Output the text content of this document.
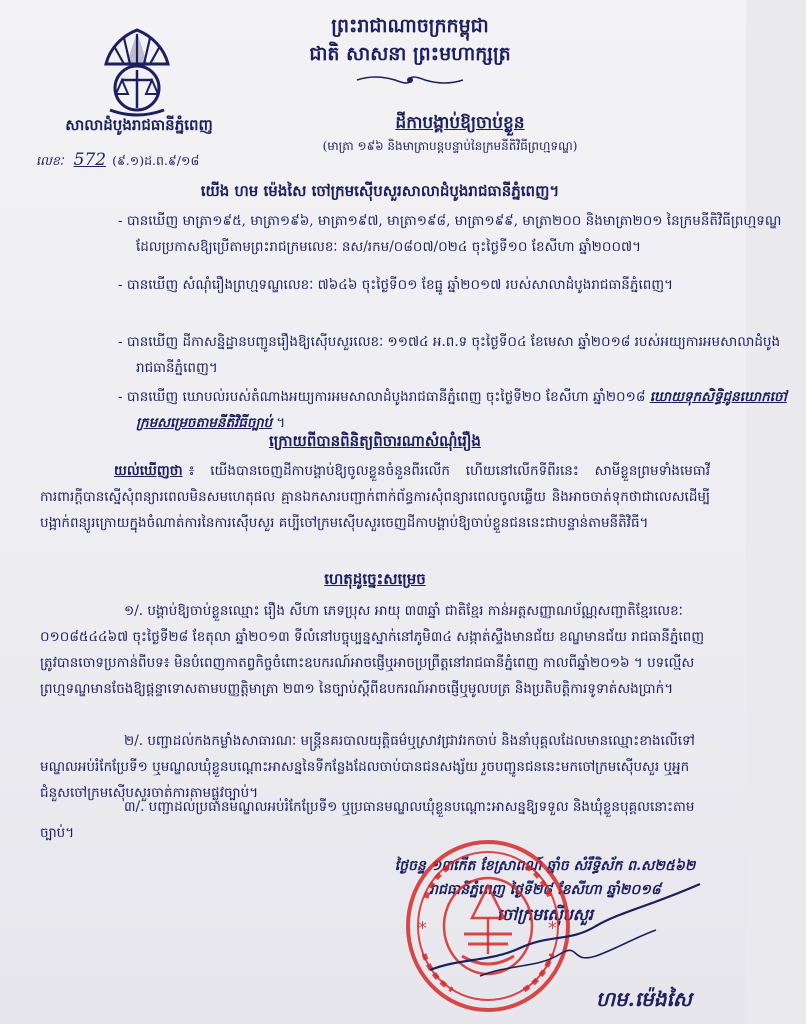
ព្រះរាជាណាចក្រកម្ពុជា
ជាតិ សាសនា ព្រះមហាក្សត្រ
សាលាដំបូងរាជធានីភ្នំពេញ	ដីកាបង្គាប់ឱ្យចាប់ខ្លួន
(មាត្រា ១៩៦ និងមាត្រាបន្តបន្ទាប់នៃក្រមនីតិវិធីព្រហ្មទណ្ឌ)
លេខៈ 572 (៩.១)ដ.ព.៩/១៨
យើង ហម ម៉េងសៃ ចៅក្រមស៊ើបសួរសាលាដំបូងរាជធានីភ្នំពេញ។
- បានឃើញ មាត្រា១៩៥, មាត្រា១៩៦, មាត្រា១៩៧, មាត្រា១៩៨, មាត្រា១៩៩, មាត្រា២០០ និងមាត្រា២០១ នៃក្រមនីតិវិធីព្រហ្មទណ្ឌដែលប្រកាសឱ្យប្រើតាមព្រះរាជក្រមលេខៈ នស/រកម/០៨០៧/០២៤ ចុះថ្ងៃទី១០ ខែសីហា ឆ្នាំ២០០៧។
- បានឃើញ សំណុំរឿងព្រហ្មទណ្ឌលេខៈ ៧៦៤៦ ចុះថ្ងៃទី០១ ខែធ្នូ ឆ្នាំ២០១៧ របស់សាលាដំបូងរាជធានីភ្នំពេញ។
- បានឃើញ ដីកាសន្និដ្ឋានបញ្ជូនរឿងឱ្យស៊ើបសួរលេខៈ ១១៧៤ អ.ព.ទ ចុះថ្ងៃទី០៤ ខែមេសា ឆ្នាំ២០១៨ របស់អយ្យការអមសាលាដំបូងរាជធានីភ្នំពេញ។
- បានឃើញ ឃោបល់របស់តំណាងអយ្យការអមសាលាដំបូងរាជធានីភ្នំពេញ ចុះថ្ងៃទី២០ ខែសីហា ឆ្នាំ២០១៨ ឃោយទុកសិទ្ធិជូនឃោកចៅក្រមសម្រេចតាមនីតិវិធីច្បាប់ ។
ក្រោយពីបានពិនិត្យពិចារណាសំណុំរឿង
យល់ឃើញថា ៖ យើងបានចេញដីកាបង្គាប់ឱ្យចូលខ្លួនចំនួនពីរលើក ហើយនៅលើកទីពីរនេះ សាមីខ្លួនព្រមទាំងមេធាវីការពារក្តីបានស្នើសុំពន្យារពេលមិនសមហេតុផល គ្មានឯកសារបញ្ជាក់ពាក់ព័ន្ធការសុំពន្យារពេលចូលឆ្លើយ និងអាចចាត់ទុកថាជាលេសដើម្បីបង្អាក់ពន្យូរក្រោយក្នុងចំណាត់ការនៃការស៊ើបសួរ គប្បីចៅក្រមស៊ើបសួរចេញដីកាបង្គាប់ឱ្យចាប់ខ្លួនជននេះជាបន្ទាន់តាមនីតិវិធី។
ហេតុដូច្នេះសម្រេច
១/. បង្គាប់ឱ្យចាប់ខ្លួនឈ្មោះ រឿង សីហា ភេទប្រុស អាយុ ៣៣ឆ្នាំ ជាតិខ្មែរ កាន់អត្តសញ្ញាណប័ណ្ណសញ្ជាតិខ្មែរលេខៈ ០១០៨៥៤៤៦៧ ចុះថ្ងៃទី២៨ ខែតុលា ឆ្នាំ២០១៣ ទីលំនៅបច្ចុប្បន្នស្នាក់នៅភូមិ៣៤ សង្កាត់ស្ទឹងមានជ័យ ខណ្ឌមានជ័យ រាជធានីភ្នំពេញ ត្រូវបានចោទប្រកាន់ពីបទ៖ មិនបំពេញកាតព្វកិច្ចចំពោះឧបករណ៍អាចផ្ញើឬអាចប្រព្រឹត្តនៅរាជធានីភ្នំពេញ កាលពីឆ្នាំ២០១៦ ។ បទល្មើសព្រហ្មទណ្ឌមានចែងឱ្យផ្តន្ទាទោសតាមបញ្ញត្តិមាត្រា ២៣១ នៃច្បាប់ស្តីពីឧបករណ៍អាចផ្ញើឬមូលបត្រ និងប្រតិបត្តិការទូទាត់សងប្រាក់។
២/. បញ្ជាដល់កងកម្លាំងសាធារណៈ មន្ត្រីនគរបាលយុត្តិធម៌ឬស្រាវជ្រាវរកចាប់ និងនាំបុគ្គលដែលមានឈ្មោះខាងលើទៅ មណ្ឌលអប់រំកែប្រែទី១ ឬមណ្ឌលឃុំខ្លួនបណ្តោះអាសន្ននៃទីកន្លែងដែលចាប់បានជនសង្ស័យ រួចបញ្ជូនជននេះមកចៅក្រមស៊ើបសួរ ឬអ្នកជំនួសចៅក្រមស៊ើបសួរចាត់ការតាមផ្លូវច្បាប់។
៣/. បញ្ជាដល់ប្រធានមណ្ឌលអប់រំកែប្រែទី១ ឬប្រធានមណ្ឌលឃុំខ្លួនបណ្តោះអាសន្នឱ្យទទួល និងឃុំខ្លួនបុគ្គលនោះតាមច្បាប់។
ថ្ងៃចន្ទ ១៣កើត ខែស្រាពណ៍ ឆ្នាំច សំរឹទ្ធិស័ក ព.ស២៥៦២
រាជធានីភ្នំពេញ ថ្ងៃទី២៨ ខែសីហា ឆ្នាំ២០១៨
ចៅក្រមស៊ើបសួរ
*	*
ហម.ម៉េងសៃ
